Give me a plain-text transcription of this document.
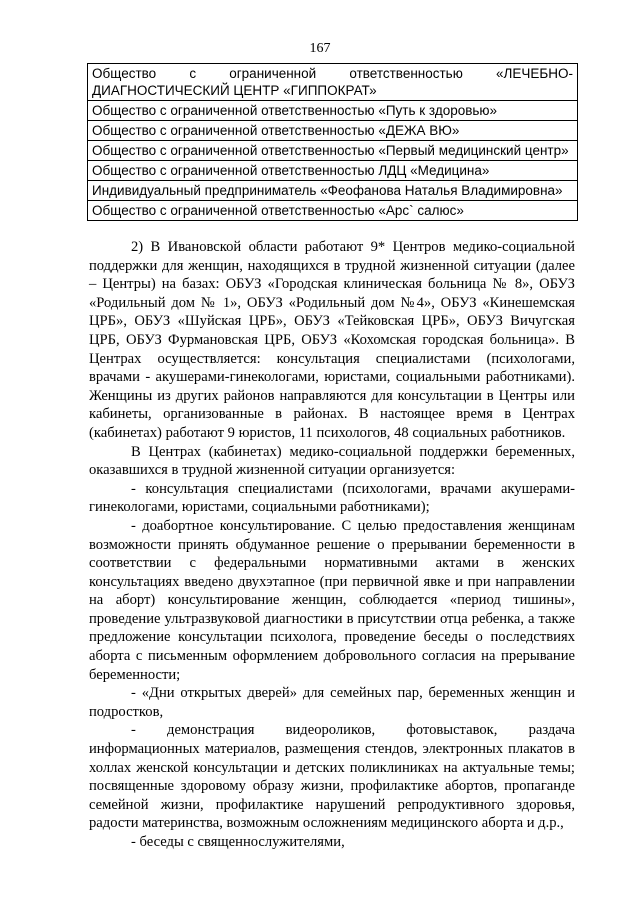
167
Общество с ограниченной ответственностью «ЛЕЧЕБНО-ДИАГНОСТИЧЕСКИЙ ЦЕНТР «ГИППОКРАТ»
Общество с ограниченной ответственностью «Путь к здоровью»
Общество с ограниченной ответственностью «ДЕЖА ВЮ»
Общество с ограниченной ответственностью «Первый медицинский центр»
Общество с ограниченной ответственностью ЛДЦ «Медицина»
Индивидуальный предприниматель «Феофанова Наталья Владимировна»
Общество с ограниченной ответственностью «Арс` салюс»

2) В Ивановской области работают 9* Центров медико-социальной поддержки для женщин, находящихся в трудной жизненной ситуации (далее – Центры) на базах: ОБУЗ «Городская клиническая больница № 8», ОБУЗ «Родильный дом № 1», ОБУЗ «Родильный дом №4», ОБУЗ «Кинешемская ЦРБ», ОБУЗ «Шуйская ЦРБ», ОБУЗ «Тейковская ЦРБ», ОБУЗ Вичугская ЦРБ, ОБУЗ Фурмановская ЦРБ, ОБУЗ «Кохомская городская больница». В Центрах осуществляется: консультация специалистами (психологами, врачами - акушерами-гинекологами, юристами, социальными работниками). Женщины из других районов направляются для консультации в Центры или кабинеты, организованные в районах. В настоящее время в Центрах (кабинетах) работают 9 юристов, 11 психологов, 48 социальных работников.

В Центрах (кабинетах) медико-социальной поддержки беременных, оказавшихся в трудной жизненной ситуации организуется:

- консультация специалистами (психологами, врачами акушерами-гинекологами, юристами, социальными работниками);

- доабортное консультирование. С целью предоставления женщинам возможности принять обдуманное решение о прерывании беременности в соответствии с федеральными нормативными актами в женских консультациях введено двухэтапное (при первичной явке и при направлении на аборт) консультирование женщин, соблюдается «период тишины», проведение ультразвуковой диагностики в присутствии отца ребенка, а также предложение консультации психолога, проведение беседы о последствиях аборта с письменным оформлением добровольного согласия на прерывание беременности;

- «Дни открытых дверей» для семейных пар, беременных женщин и подростков,

- демонстрация видеороликов, фотовыставок, раздача информационных материалов, размещения стендов, электронных плакатов в холлах женской консультации и детских поликлиниках на актуальные темы; посвященные здоровому образу жизни, профилактике абортов, пропаганде семейной жизни, профилактике нарушений репродуктивного здоровья, радости материнства, возможным осложнениям медицинского аборта и д.р.,

- беседы с священнослужителями,
